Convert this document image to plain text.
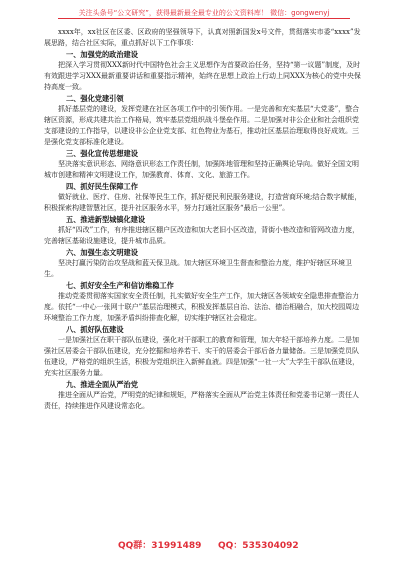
关注头条号“公文研究”，获得最新最全最专业的公文资料库！ 微信：gongwenyj

xxxx年，xx社区在区委、区政府的坚强领导下，认真对照新国发x号文件，贯彻落实市委“xxxx”发展思路，结合社区实际，重点抓好以下工作事项：

一、加强党的政治建设

把深入学习贯彻XXX新时代中国特色社会主义思想作为首要政治任务，坚持“第一议题”制度，及时有效跟进学习XXX最新重要讲话和重要指示精神，始终在思想上政治上行动上同XXX为核心的党中央保持高度一致。

二、强化党建引领

抓好基层党的建设，发挥党建在社区各项工作中的引领作用。一是完善和充实基层“大党委”，整合辖区资源，形成共建共治工作格局，筑牢基层党组织战斗堡垒作用。二是加强对非公企业和社会组织党支部建设的工作指导，以建设非公企业党支部、红色物业为基石，推动社区基层治理取得良好成效。三是强化党支部标准化建设。

三、强化宣传思想建设

坚决落实意识形态、网络意识形态工作责任制，加强阵地管理和坚持正确舆论导向。做好全国文明城市创建和精神文明建设工作，加强教育、体育、文化、旅游工作。

四、抓好民生保障工作

做好就业、医疗、住房、社保等民生工作，抓好便民利民服务建设，打造营商环境;结合数字赋能，积极探索构建智慧社区，提升社区服务水平，努力打通社区服务“最后一公里”。

五、推进新型城镇化建设

抓好“四改”工作，有序推进辖区棚户区改造和加大老旧小区改造，背街小巷改造和管网改造力度，完善辖区基础设施建设，提升城市品质。

六、加强生态文明建设

坚决打赢污染防治攻坚战和蓝天保卫战。加大辖区环境卫生督查和整治力度，维护好辖区环境卫生。

七、抓好安全生产和信访维稳工作

推动党委贯彻落实国家安全责任制，扎实做好安全生产工作，加大辖区各领域安全隐患排查整治力度。依托“一中心一张网十联户”基层治理模式，积极发挥基层自治、法治、德治相融合，加大校园周边环境整治工作力度，加强矛盾纠纷排查化解，切实维护辖区社会稳定。

八、抓好队伍建设

一是加强社区在职干部队伍建设，强化对干部职工的教育和管理，加大年轻干部培养力度。二是加强社区居委会干部队伍建设，充分挖掘和培养若干、实干的居委会干部后备力量储备。三是加强党员队伍建设，严格党的组织生活，积极为党组织注入新鲜血液。四是加强“一社一大”大学生干部队伍建设，充实社区服务力量。

九、推进全面从严治党

推进全面从严治党，严明党的纪律和规矩，严格落实全面从严治党主体责任和党委书记第一责任人责任，持续推进作风建设常态化。

QQ群：31991489 QQ：535304092
